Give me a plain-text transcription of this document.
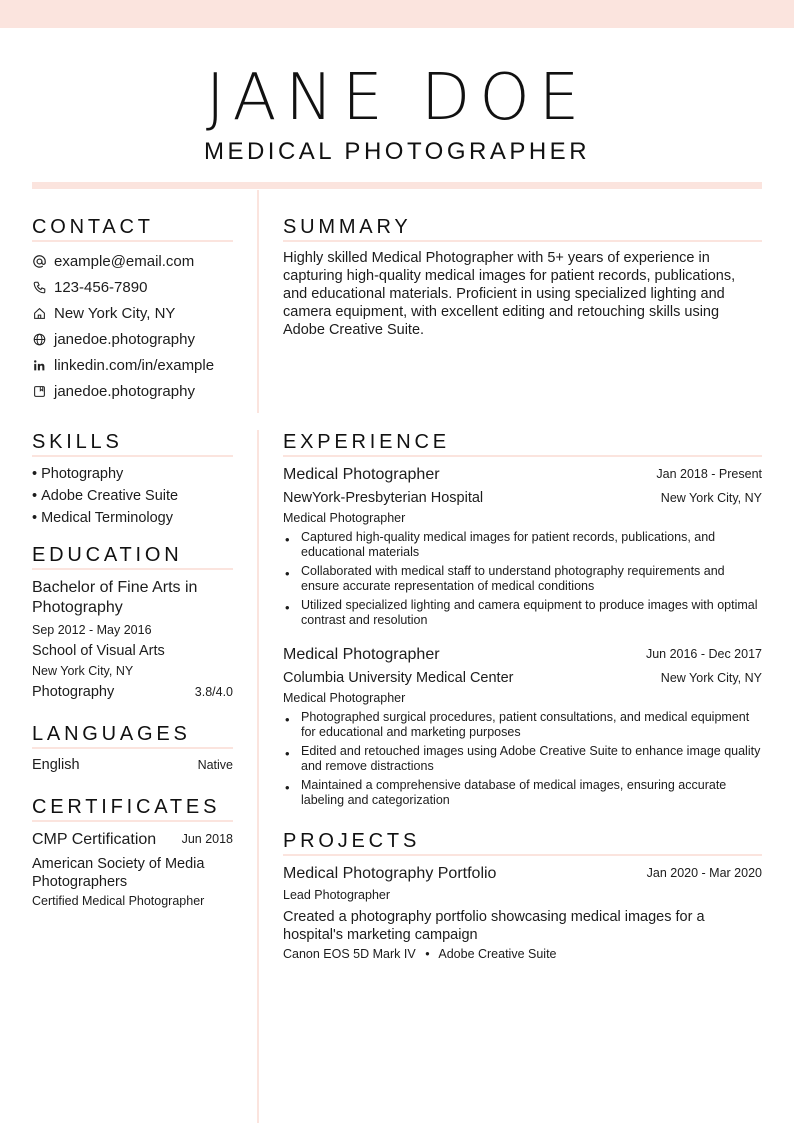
JANE DOE
MEDICAL PHOTOGRAPHER
CONTACT
example@email.com
123-456-7890
New York City, NY
janedoe.photography
linkedin.com/in/example
janedoe.photography
SUMMARY
Highly skilled Medical Photographer with 5+ years of experience in capturing high-quality medical images for patient records, publications, and educational materials. Proficient in using specialized lighting and camera equipment, with excellent editing and retouching skills using Adobe Creative Suite.
SKILLS
• Photography
• Adobe Creative Suite
• Medical Terminology
EDUCATION
Bachelor of Fine Arts in Photography
Sep 2012 - May 2016
School of Visual Arts
New York City, NY
Photography	3.8/4.0
LANGUAGES
English	Native
CERTIFICATES
CMP Certification	Jun 2018
American Society of Media Photographers
Certified Medical Photographer
EXPERIENCE
Medical Photographer	Jan 2018 - Present
NewYork-Presbyterian Hospital	New York City, NY
Medical Photographer
• Captured high-quality medical images for patient records, publications, and educational materials
• Collaborated with medical staff to understand photography requirements and ensure accurate representation of medical conditions
• Utilized specialized lighting and camera equipment to produce images with optimal contrast and resolution
Medical Photographer	Jun 2016 - Dec 2017
Columbia University Medical Center	New York City, NY
Medical Photographer
• Photographed surgical procedures, patient consultations, and medical equipment for educational and marketing purposes
• Edited and retouched images using Adobe Creative Suite to enhance image quality and remove distractions
• Maintained a comprehensive database of medical images, ensuring accurate labeling and categorization
PROJECTS
Medical Photography Portfolio	Jan 2020 - Mar 2020
Lead Photographer
Created a photography portfolio showcasing medical images for a hospital's marketing campaign
Canon EOS 5D Mark IV • Adobe Creative Suite
